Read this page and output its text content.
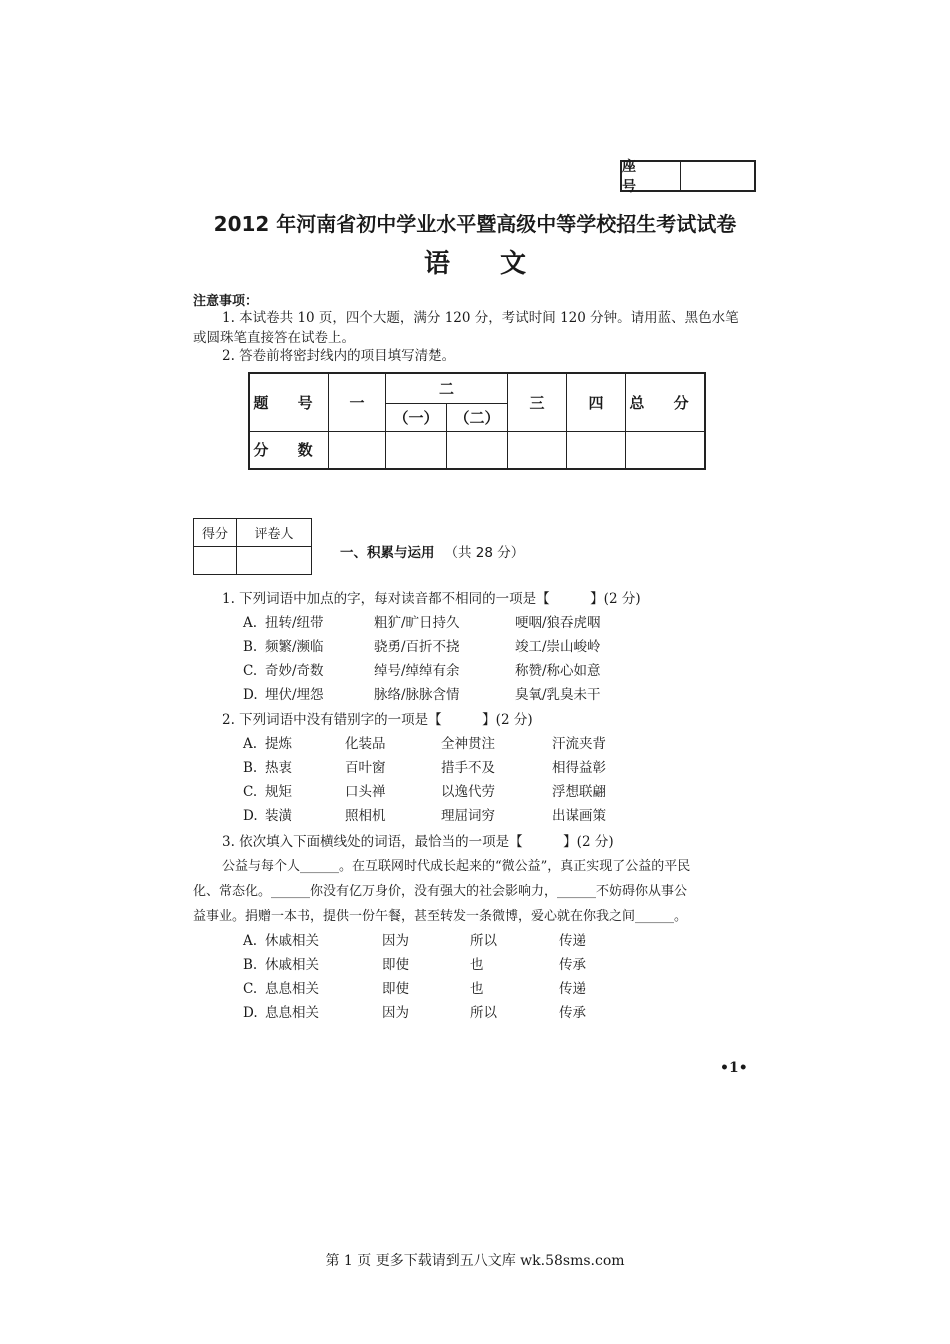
座 号
2012 年河南省初中学业水平暨高级中等学校招生考试试卷
语文
注意事项：
1. 本试卷共 10 页，四个大题，满分 120 分，考试时间 120 分钟。请用蓝、黑色水笔
或圆珠笔直接答在试卷上。
2. 答卷前将密封线内的项目填写清楚。
题 号	一	二		三	四	总 分
		（一）	（二）			
分 数						
得分	评卷人

一、积累与运用 （共 28 分）
1. 下列词语中加点的字，每对读音都不相同的一项是【　　　】(2 分)
A. 扭转/纽带	粗犷/旷日持久	哽咽/狼吞虎咽
B. 频繁/濒临	骁勇/百折不挠	竣工/崇山峻岭
C. 奇妙/奇数	绰号/绰绰有余	称赞/称心如意
D. 埋伏/埋怨	脉络/脉脉含情	臭氧/乳臭未干
2. 下列词语中没有错别字的一项是【　　　】(2 分)
A. 提炼	化装品	全神贯注	汗流夹背
B. 热衷	百叶窗	措手不及	相得益彰
C. 规矩	口头禅	以逸代劳	浮想联翩
D. 装潢	照相机	理屈词穷	出谋画策
3. 依次填入下面横线处的词语，最恰当的一项是【　　　】(2 分)
公益与每个人______。在互联网时代成长起来的“微公益”，真正实现了公益的平民
化、常态化。______你没有亿万身价，没有强大的社会影响力，______不妨碍你从事公
益事业。捐赠一本书，提供一份午餐，甚至转发一条微博，爱心就在你我之间______。
A. 休戚相关	因为	所以	传递
B. 休戚相关	即使	也	传承
C. 息息相关	即使	也	传递
D. 息息相关	因为	所以	传承
•1•
第 1 页 更多下载请到五八文库 wk.58sms.com
